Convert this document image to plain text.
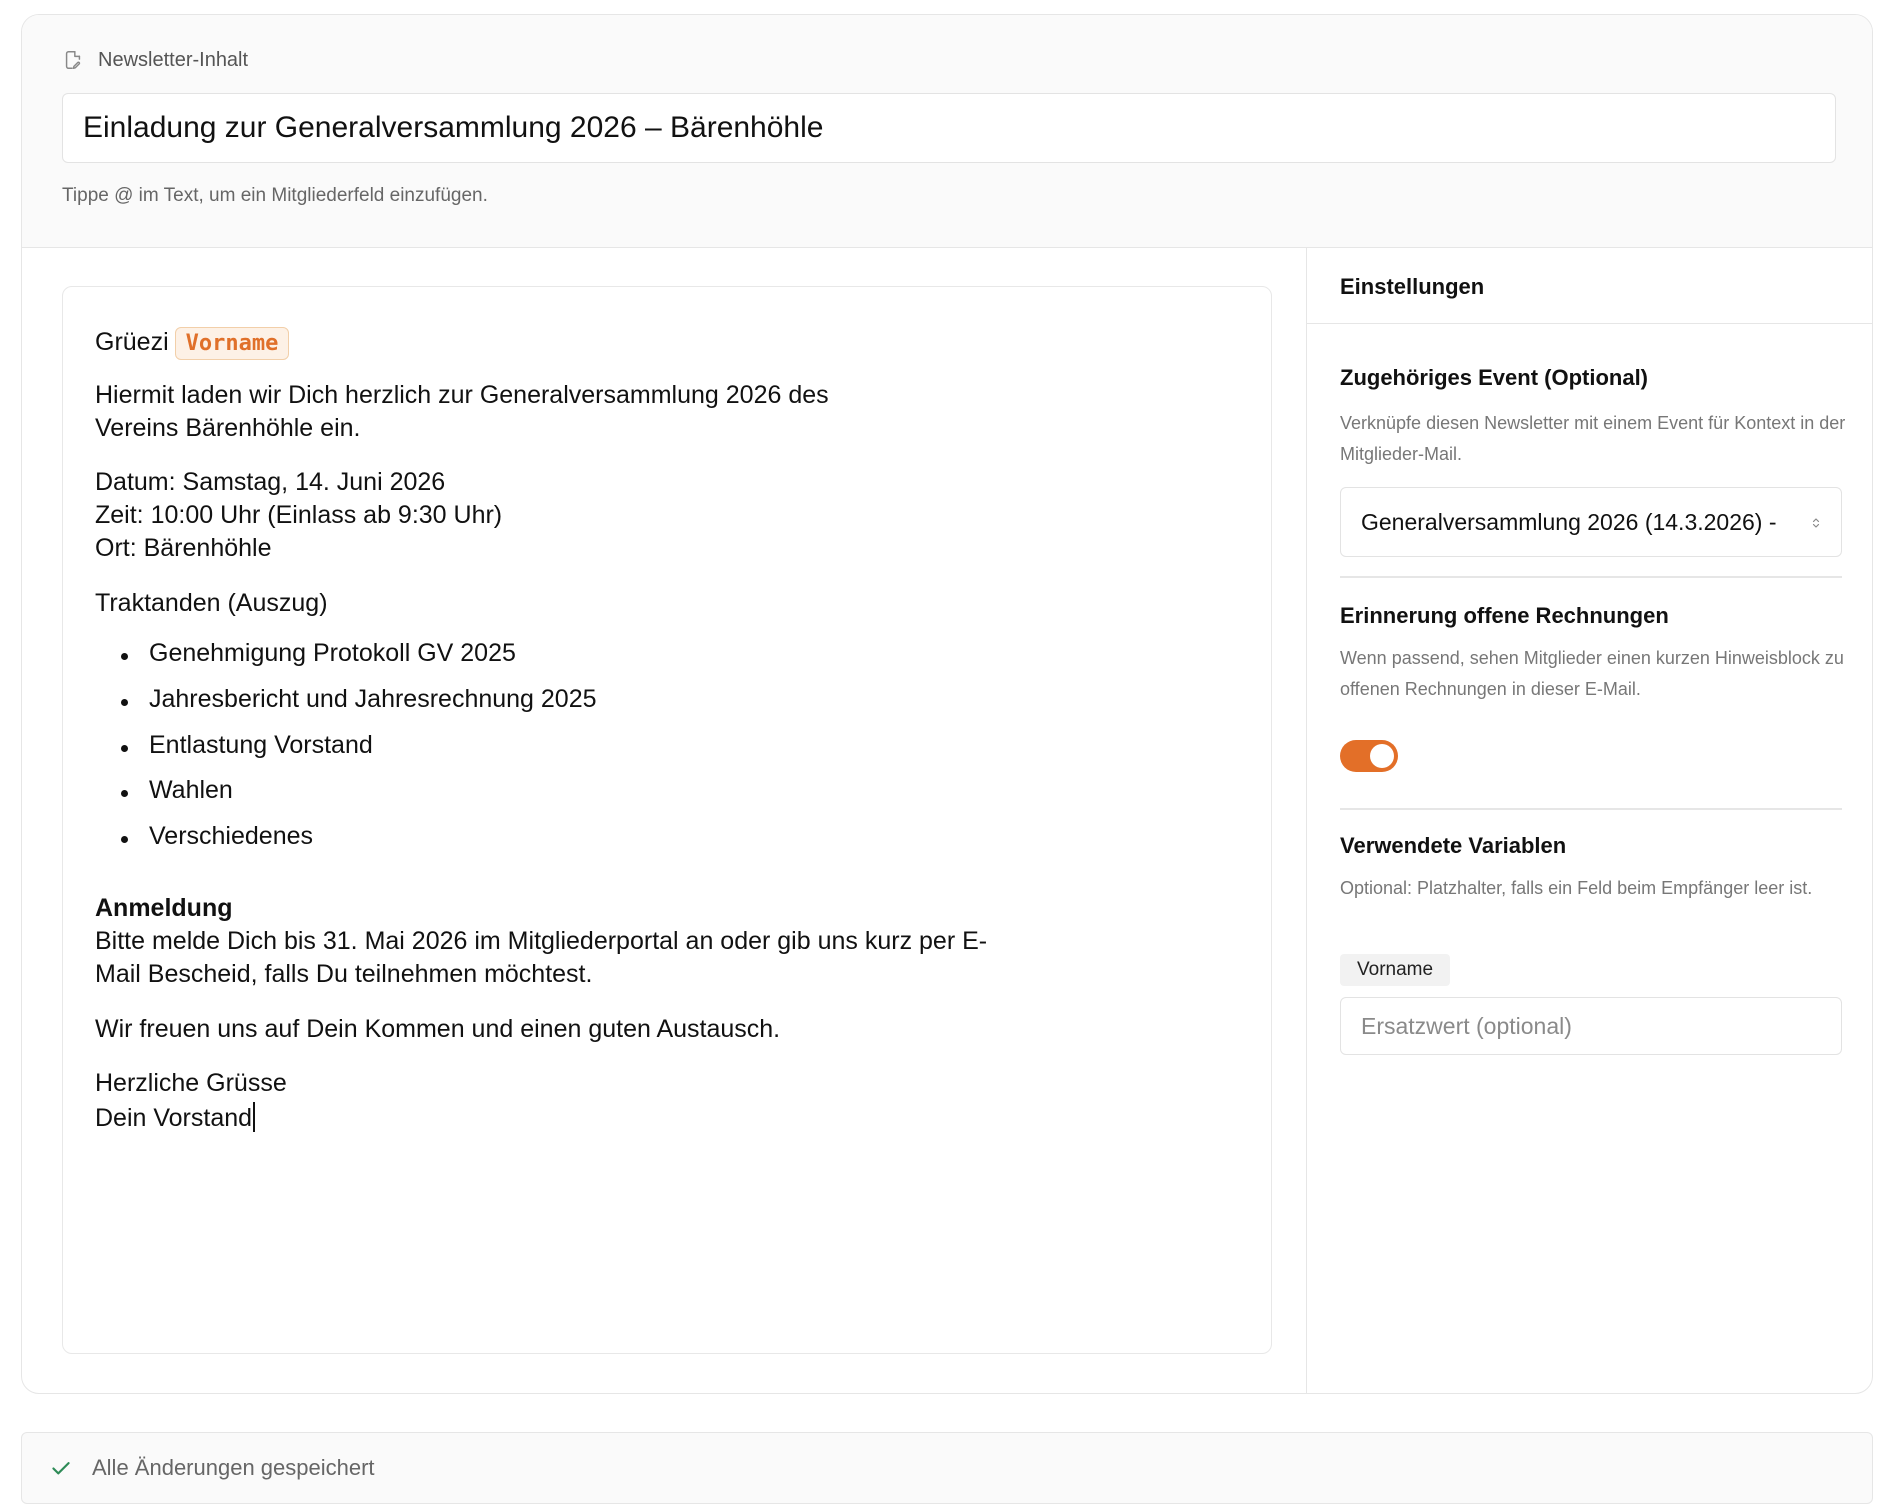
Newsletter-Inhalt
Einladung zur Generalversammlung 2026 – Bärenhöhle
Tippe @ im Text, um ein Mitgliederfeld einzufügen.
Grüezi Vorname
Hiermit laden wir Dich herzlich zur Generalversammlung 2026 des
Vereins Bärenhöhle ein.
Datum: Samstag, 14. Juni 2026
Zeit: 10:00 Uhr (Einlass ab 9:30 Uhr)
Ort: Bärenhöhle
Traktanden (Auszug)
Genehmigung Protokoll GV 2025
Jahresbericht und Jahresrechnung 2025
Entlastung Vorstand
Wahlen
Verschiedenes
Anmeldung
Bitte melde Dich bis 31. Mai 2026 im Mitgliederportal an oder gib uns kurz per E-
Mail Bescheid, falls Du teilnehmen möchtest.
Wir freuen uns auf Dein Kommen und einen guten Austausch.
Herzliche Grüsse
Dein Vorstand
Einstellungen
Zugehöriges Event (Optional)
Verknüpfe diesen Newsletter mit einem Event für Kontext in der Mitglieder-Mail.
Generalversammlung 2026 (14.3.2026) -
Erinnerung offene Rechnungen
Wenn passend, sehen Mitglieder einen kurzen Hinweisblock zu offenen Rechnungen in dieser E-Mail.
Verwendete Variablen
Optional: Platzhalter, falls ein Feld beim Empfänger leer ist.
Vorname
Ersatzwert (optional)
Alle Änderungen gespeichert
